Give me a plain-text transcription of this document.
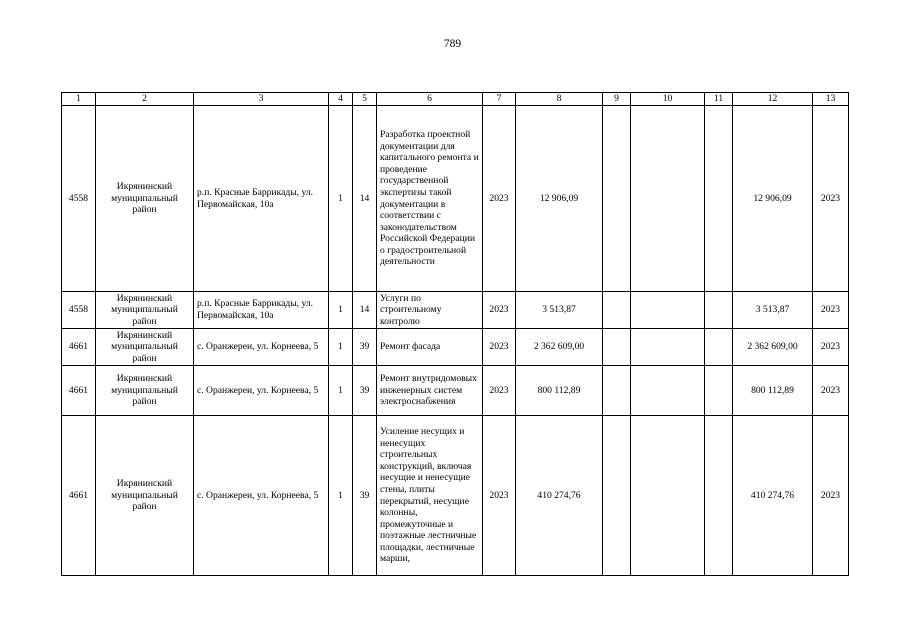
789
1	2	3	4	5	6	7	8	9	10	11	12	13
4558	Икрянинский муниципальный район	р.п. Красные Баррикады, ул. Первомайская, 10а	1	14	Разработка проектной документации для капитального ремонта и проведение государственной экспертизы такой документации в соответствии с законодательством Российской Федерации о градостроительной деятельности	2023	12 906,09				12 906,09	2023
4558	Икрянинский муниципальный район	р.п. Красные Баррикады, ул. Первомайская, 10а	1	14	Услуги по строительному контролю	2023	3 513,87				3 513,87	2023
4661	Икрянинский муниципальный район	с. Оранжереи, ул. Корнеева, 5	1	39	Ремонт фасада	2023	2 362 609,00				2 362 609,00	2023
4661	Икрянинский муниципальный район	с. Оранжереи, ул. Корнеева, 5	1	39	Ремонт внутридомовых инженерных систем электроснабжения	2023	800 112,89				800 112,89	2023
4661	Икрянинский муниципальный район	с. Оранжереи, ул. Корнеева, 5	1	39	Усиление несущих и ненесущих строительных конструкций, включая несущие и ненесущие стены, плиты перекрытий, несущие колонны, промежуточные и поэтажные лестничные площадки, лестничные марши,	2023	410 274,76				410 274,76	2023
